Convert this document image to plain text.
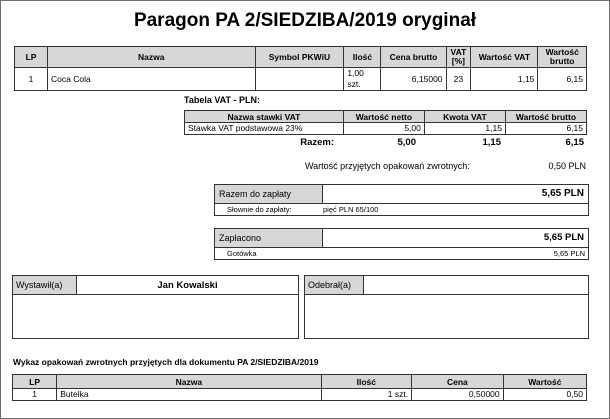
Paragon PA 2/SIEDZIBA/2019 oryginał
LP	Nazwa	Symbol PKWiU	Ilość	Cena brutto	VAT [%]	Wartość VAT	Wartość brutto
1	Coca Cola		1,00 szt.	6,15000	23	1,15	6,15
Tabela VAT - PLN:
Nazwa stawki VAT	Wartość netto	Kwota VAT	Wartość brutto
Stawka VAT podstawowa 23%	5,00	1,15	6,15
Razem:	5,00	1,15	6,15
Wartość przyjętych opakowań zwrotnych:	0,50 PLN
Razem do zapłaty	5,65 PLN
Słownie do zapłaty:	pięć PLN 65/100
Zapłacono	5,65 PLN
Gotówka	5,65 PLN
Wystawił(a)	Jan Kowalski	Odebrał(a)
Wykaz opakowań zwrotnych przyjętych dla dokumentu PA 2/SIEDZIBA/2019
LP	Nazwa	Ilość	Cena	Wartość
1	Butelka	1 szt.	0,50000	0,50
